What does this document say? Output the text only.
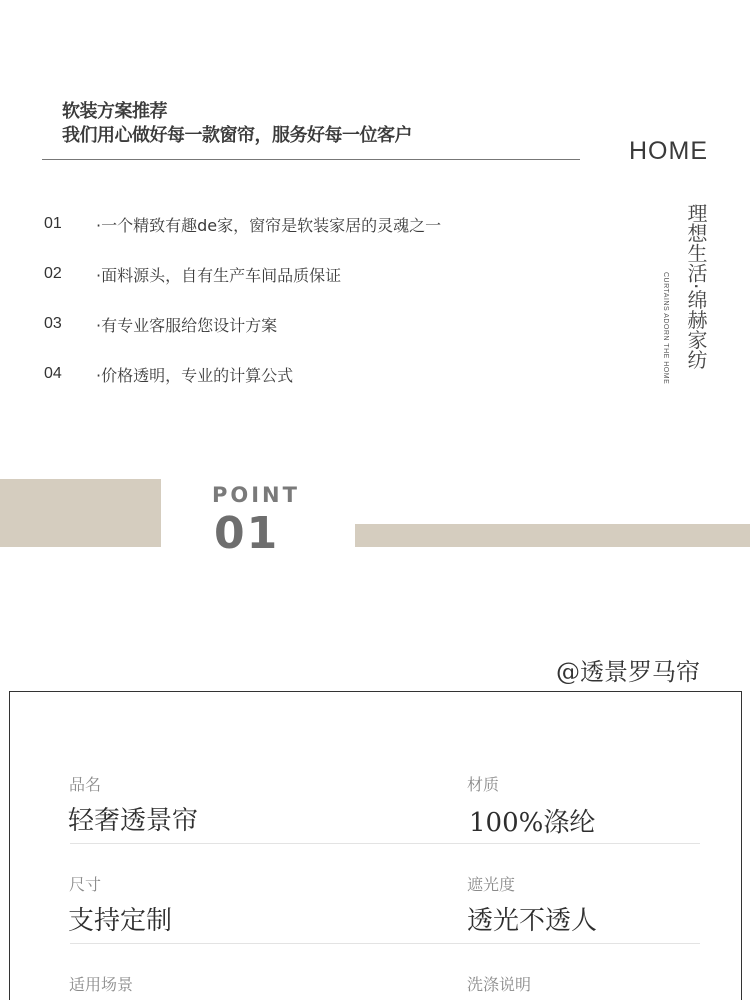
软装方案推荐
我们用心做好每一款窗帘，服务好每一位客户
HOME
理想生活·绵赫家纺
CURTAINS ADORN THE HOME
01	·一个精致有趣de家，窗帘是软装家居的灵魂之一
02	·面料源头，自有生产车间品质保证
03	·有专业客服给您设计方案
04	·价格透明，专业的计算公式
POINT
01
@透景罗马帘
品名
轻奢透景帘
材质
100%涤纶
尺寸
支持定制
遮光度
透光不透人
适用场景	洗涤说明
